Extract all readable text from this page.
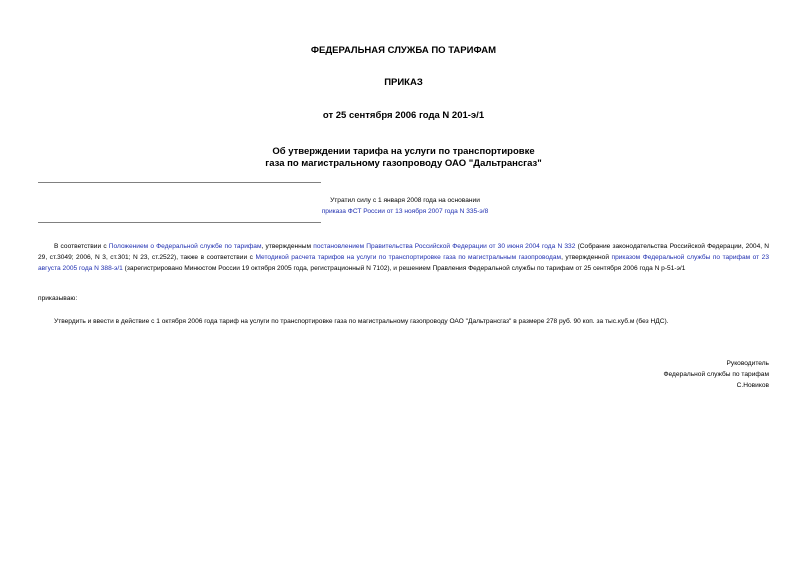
ФЕДЕРАЛЬНАЯ СЛУЖБА ПО ТАРИФАМ
ПРИКАЗ
от 25 сентября 2006 года N 201-э/1
Об утверждении тарифа на услуги по транспортировке
газа по магистральному газопроводу ОАО "Дальтрансгаз"
Утратил силу с 1 января 2008 года на основании
приказа ФСТ России от 13 ноября 2007 года N 335-э/8
В соответствии с Положением о Федеральной службе по тарифам, утвержденным постановлением Правительства Российской Федерации от 30 июня 2004 года N 332 (Собрание законодательства Российской Федерации, 2004, N 29, ст.3049; 2006, N 3, ст.301; N 23, ст.2522), также в соответствии с Методикой расчета тарифов на услуги по транспортировке газа по магистральным газопроводам, утвержденной приказом Федеральной службы по тарифам от 23 августа 2005 года N 388-э/1 (зарегистрировано Минюстом России 19 октября 2005 года, регистрационный N 7102), и решением Правления Федеральной службы по тарифам от 25 сентября 2006 года N р-51-э/1
приказываю:
Утвердить и ввести в действие с 1 октября 2006 года тариф на услуги по транспортировке газа по магистральному газопроводу ОАО "Дальтрансгаз" в размере 278 руб. 90 коп. за тыс.куб.м (без НДС).
Руководитель
Федеральной службы по тарифам
С.Новиков
